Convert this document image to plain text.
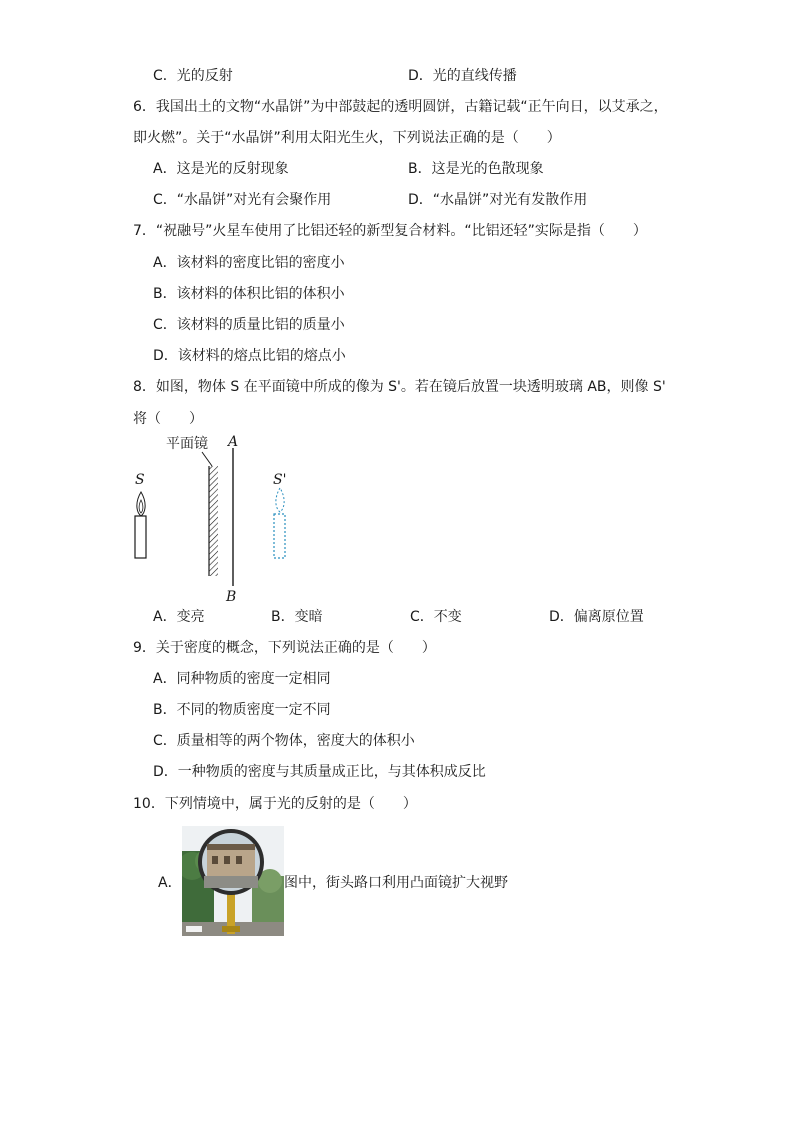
C．光的反射	D．光的直线传播
6．我国出土的文物“水晶饼”为中部鼓起的透明圆饼，古籍记载“正午向日，以艾承之，
即火燃”。关于“水晶饼”利用太阳光生火，下列说法正确的是（　　）
A．这是光的反射现象	B．这是光的色散现象
C．“水晶饼”对光有会聚作用	D．“水晶饼”对光有发散作用
7．“祝融号”火星车使用了比铝还轻的新型复合材料。“比铝还轻”实际是指（　　）
A．该材料的密度比铝的密度小
B．该材料的体积比铝的体积小
C．该材料的质量比铝的质量小
D．该材料的熔点比铝的熔点小
8．如图，物体 S 在平面镜中所成的像为 S'。若在镜后放置一块透明玻璃 AB，则像 S'
将（　　）
平面镜 A
B
S	S'
A．变亮	B．变暗	C．不变	D．偏离原位置
9．关于密度的概念，下列说法正确的是（　　）
A．同种物质的密度一定相同
B．不同的物质密度一定不同
C．质量相等的两个物体，密度大的体积小
D．一种物质的密度与其质量成正比，与其体积成反比
10．下列情境中，属于光的反射的是（　　）
A．	图中，街头路口利用凸面镜扩大视野
